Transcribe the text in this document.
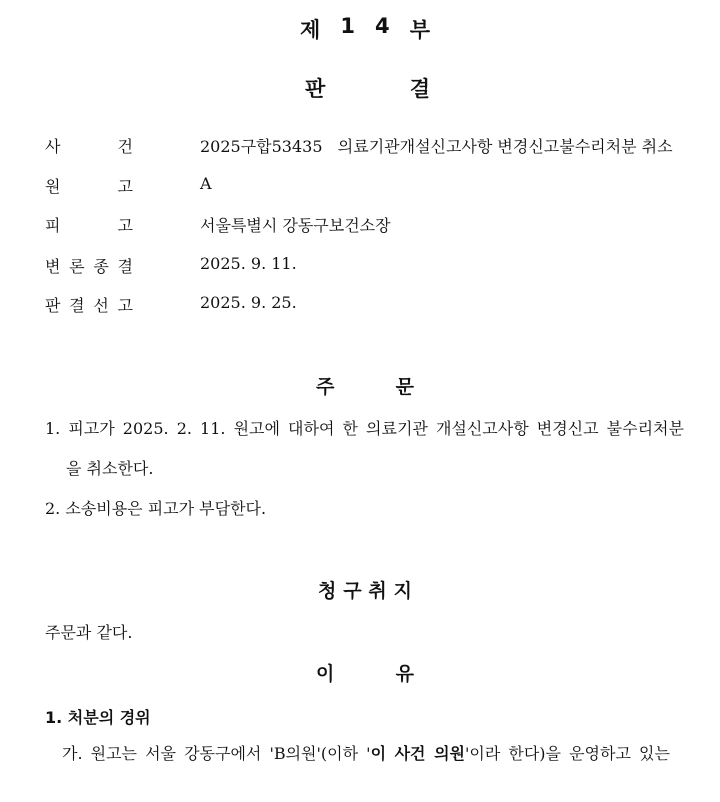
제 1 4 부
판	결
사	건	2025구합53435   의료기관개설신고사항 변경신고불수리처분 취소
원	고	A
피	고	서울특별시 강동구보건소장
변 론 종 결	2025. 9. 11.
판 결 선 고	2025. 9. 25.
주	문
1. 피고가 2025. 2. 11. 원고에 대하여 한 의료기관 개설신고사항 변경신고 불수리처분
을 취소한다.
2. 소송비용은 피고가 부담한다.
청 구 취 지
주문과 같다.
이	유
1. 처분의 경위
가. 원고는 서울 강동구에서 'B의원'(이하 '이 사건 의원'이라 한다)을 운영하고 있는
